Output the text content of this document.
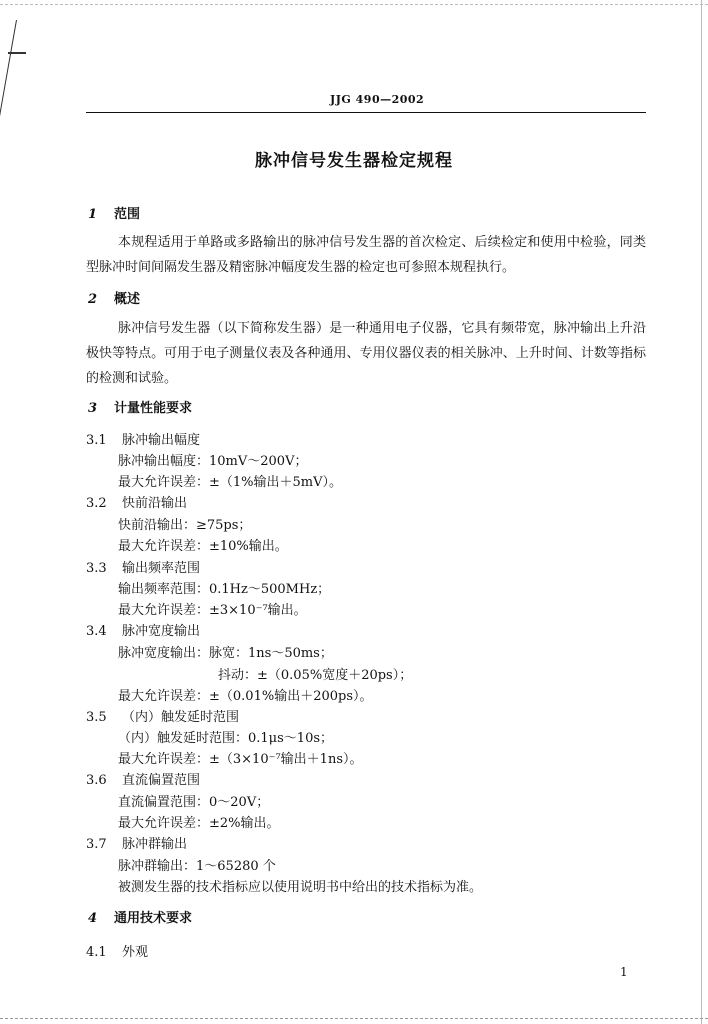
JJG 490—2002
脉冲信号发生器检定规程
1 范围
本规程适用于单路或多路输出的脉冲信号发生器的首次检定、后续检定和使用中检验，同类型脉冲时间间隔发生器及精密脉冲幅度发生器的检定也可参照本规程执行。
2 概述
脉冲信号发生器（以下简称发生器）是一种通用电子仪器，它具有频带宽，脉冲输出上升沿极快等特点。可用于电子测量仪表及各种通用、专用仪器仪表的相关脉冲、上升时间、计数等指标的检测和试验。
3 计量性能要求
3.1 脉冲输出幅度
脉冲输出幅度：10mV～200V；
最大允许误差：±（1%输出＋5mV）。
3.2 快前沿输出
快前沿输出：≥75ps；
最大允许误差：±10%输出。
3.3 输出频率范围
输出频率范围：0.1Hz～500MHz；
最大允许误差：±3×10⁻⁷输出。
3.4 脉冲宽度输出
脉冲宽度输出：脉宽：1ns～50ms；
抖动：±（0.05%宽度＋20ps）；
最大允许误差：±（0.01%输出＋200ps）。
3.5 （内）触发延时范围
（内）触发延时范围：0.1μs～10s；
最大允许误差：±（3×10⁻⁷输出＋1ns）。
3.6 直流偏置范围
直流偏置范围：0～20V；
最大允许误差：±2%输出。
3.7 脉冲群输出
脉冲群输出：1～65280 个
被测发生器的技术指标应以使用说明书中给出的技术指标为准。
4 通用技术要求
4.1 外观
1
